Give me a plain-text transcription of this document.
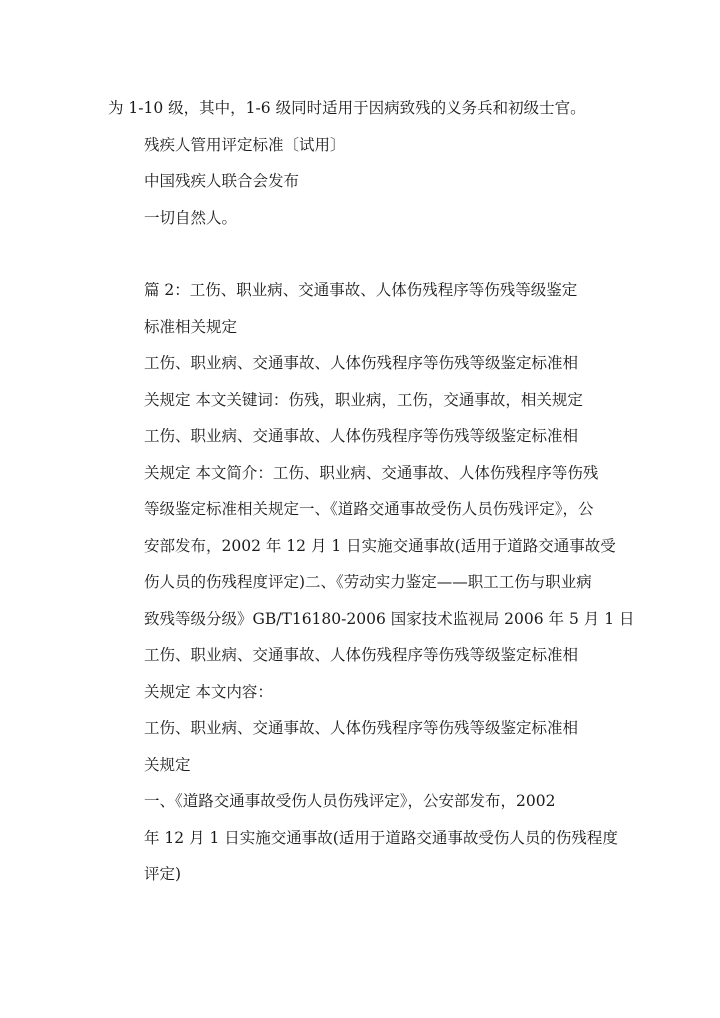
为 1-10 级，其中，1-6 级同时适用于因病致残的义务兵和初级士官。

残疾人管用评定标准〔试用〕

中国残疾人联合会发布

一切自然人。

篇 2：工伤、职业病、交通事故、人体伤残程序等伤残等级鉴定
标准相关规定

工伤、职业病、交通事故、人体伤残程序等伤残等级鉴定标准相
关规定 本文关键词：伤残，职业病，工伤，交通事故，相关规定

工伤、职业病、交通事故、人体伤残程序等伤残等级鉴定标准相
关规定 本文简介：工伤、职业病、交通事故、人体伤残程序等伤残
等级鉴定标准相关规定一、《道路交通事故受伤人员伤残评定》，公
安部发布，2002 年 12 月 1 日实施交通事故(适用于道路交通事故受
伤人员的伤残程度评定)二、《劳动实力鉴定——职工工伤与职业病
致残等级分级》GB/T16180-2006 国家技术监视局 2006 年 5 月 1 日

工伤、职业病、交通事故、人体伤残程序等伤残等级鉴定标准相
关规定 本文内容：

工伤、职业病、交通事故、人体伤残程序等伤残等级鉴定标准相
关规定

一、《道路交通事故受伤人员伤残评定》，公安部发布，2002
年 12 月 1 日实施交通事故(适用于道路交通事故受伤人员的伤残程度
评定)
